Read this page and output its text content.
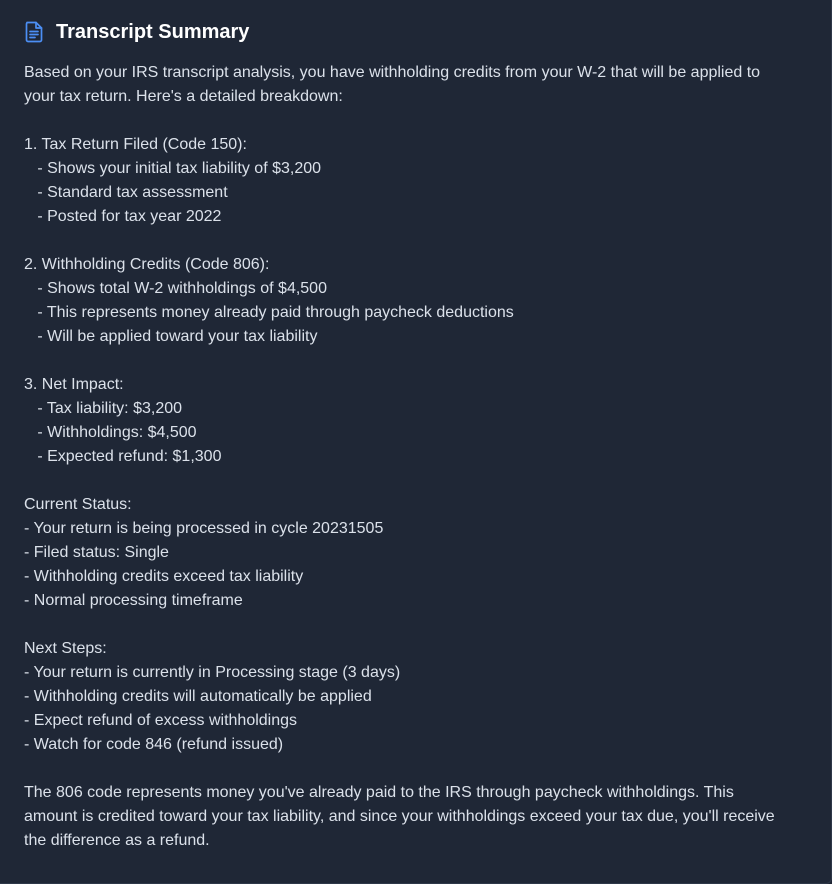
Transcript Summary
Based on your IRS transcript analysis, you have withholding credits from your W-2 that will be applied to
your tax return. Here's a detailed breakdown:
1. Tax Return Filed (Code 150):
- Shows your initial tax liability of $3,200
- Standard tax assessment
- Posted for tax year 2022
2. Withholding Credits (Code 806):
- Shows total W-2 withholdings of $4,500
- This represents money already paid through paycheck deductions
- Will be applied toward your tax liability
3. Net Impact:
- Tax liability: $3,200
- Withholdings: $4,500
- Expected refund: $1,300
Current Status:
- Your return is being processed in cycle 20231505
- Filed status: Single
- Withholding credits exceed tax liability
- Normal processing timeframe
Next Steps:
- Your return is currently in Processing stage (3 days)
- Withholding credits will automatically be applied
- Expect refund of excess withholdings
- Watch for code 846 (refund issued)
The 806 code represents money you've already paid to the IRS through paycheck withholdings. This
amount is credited toward your tax liability, and since your withholdings exceed your tax due, you'll receive
the difference as a refund.
